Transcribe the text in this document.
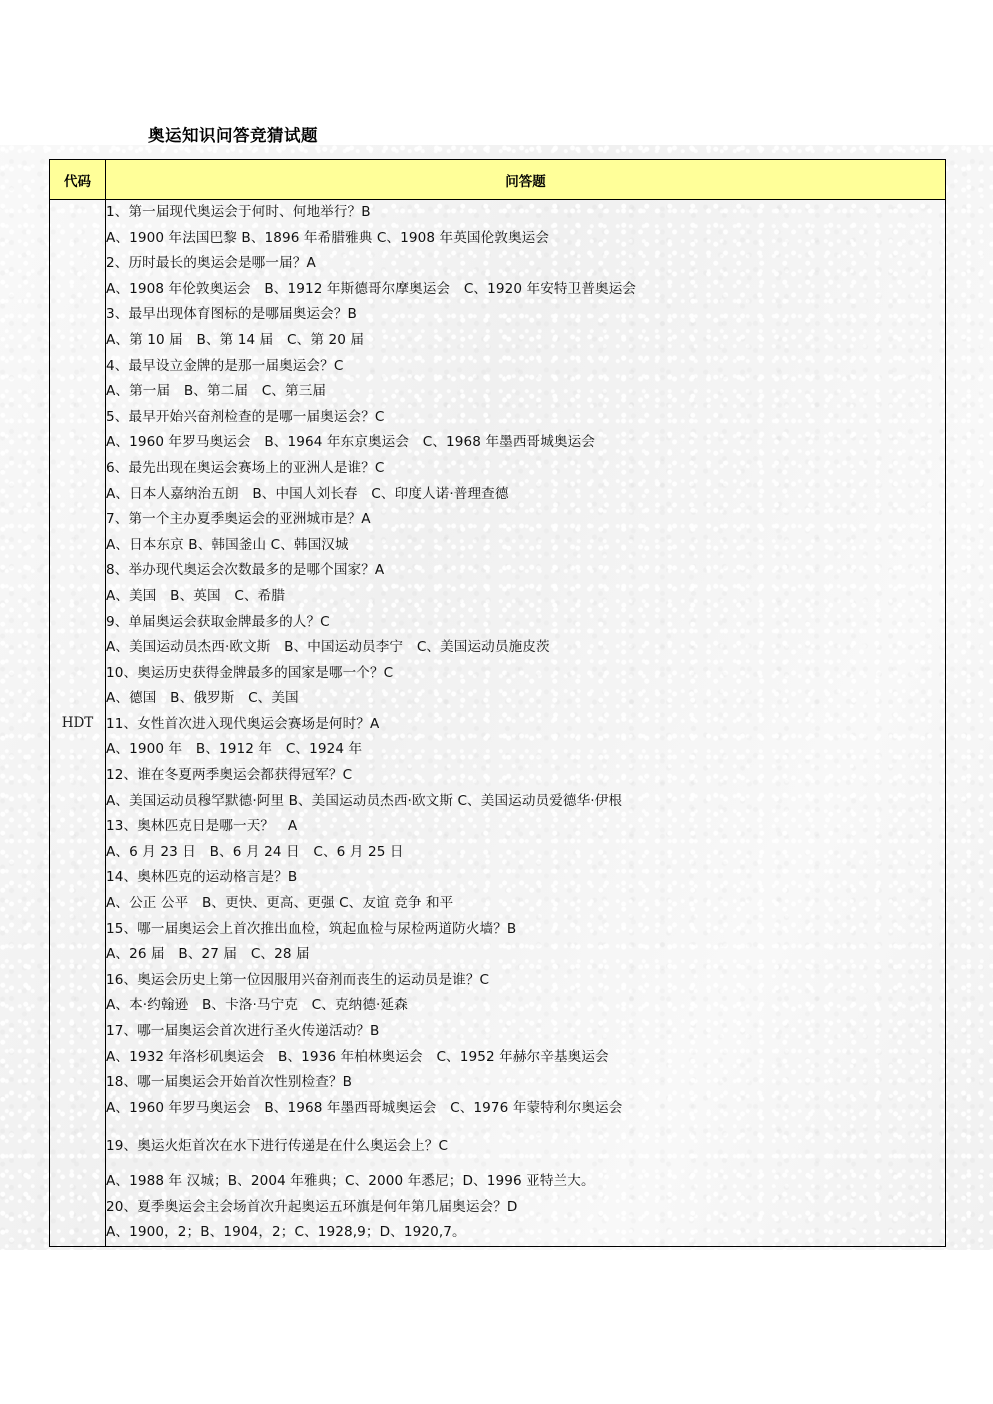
奥运知识问答竞猜试题
代码	问答题
HDT	
1、第一届现代奥运会于何时、何地举行？B
A、1900 年法国巴黎 B、1896 年希腊雅典 C、1908 年英国伦敦奥运会
2、历时最长的奥运会是哪一届？A
A、1908 年伦敦奥运会　B、1912 年斯德哥尔摩奥运会　C、1920 年安特卫普奥运会
3、最早出现体育图标的是哪届奥运会？B
A、第 10 届　B、第 14 届　C、第 20 届
4、最早设立金牌的是那一届奥运会？C
A、第一届　B、第二届　C、第三届
5、最早开始兴奋剂检查的是哪一届奥运会？C
A、1960 年罗马奥运会　B、1964 年东京奥运会　C、1968 年墨西哥城奥运会
6、最先出现在奥运会赛场上的亚洲人是谁？C
A、日本人嘉纳治五朗　B、中国人刘长春　C、印度人诺·普理查德
7、第一个主办夏季奥运会的亚洲城市是？A
A、日本东京 B、韩国釜山 C、韩国汉城
8、举办现代奥运会次数最多的是哪个国家？A
A、美国　B、英国　C、希腊
9、单届奥运会获取金牌最多的人？C
A、美国运动员杰西·欧文斯　B、中国运动员李宁　C、美国运动员施皮茨
10、奥运历史获得金牌最多的国家是哪一个？C
A、德国　B、俄罗斯　C、美国
11、女性首次进入现代奥运会赛场是何时？A
A、1900 年　B、1912 年　C、1924 年
12、谁在冬夏两季奥运会都获得冠军？C
A、美国运动员穆罕默德·阿里 B、美国运动员杰西·欧文斯 C、美国运动员爱德华·伊根
13、奥林匹克日是哪一天？　A
A、6 月 23 日　B、6 月 24 日　C、6 月 25 日
14、奥林匹克的运动格言是？B
A、公正 公平　B、更快、更高、更强 C、友谊 竞争 和平
15、哪一届奥运会上首次推出血检，筑起血检与尿检两道防火墙？B
A、26 届　B、27 届　C、28 届
16、奥运会历史上第一位因服用兴奋剂而丧生的运动员是谁？C
A、本·约翰逊　B、卡洛·马宁克　C、克纳德·延森
17、哪一届奥运会首次进行圣火传递活动？B
A、1932 年洛杉矶奥运会　B、1936 年柏林奥运会　C、1952 年赫尔辛基奥运会
18、哪一届奥运会开始首次性别检查？B
A、1960 年罗马奥运会　B、1968 年墨西哥城奥运会　C、1976 年蒙特利尔奥运会
19、奥运火炬首次在水下进行传递是在什么奥运会上？C
A、1988 年 汉城；B、2004 年雅典；C、2000 年悉尼；D、1996 亚特兰大。
20、夏季奥运会主会场首次升起奥运五环旗是何年第几届奥运会？D
A、1900，2；B、1904，2；C、1928,9；D、1920,7。
